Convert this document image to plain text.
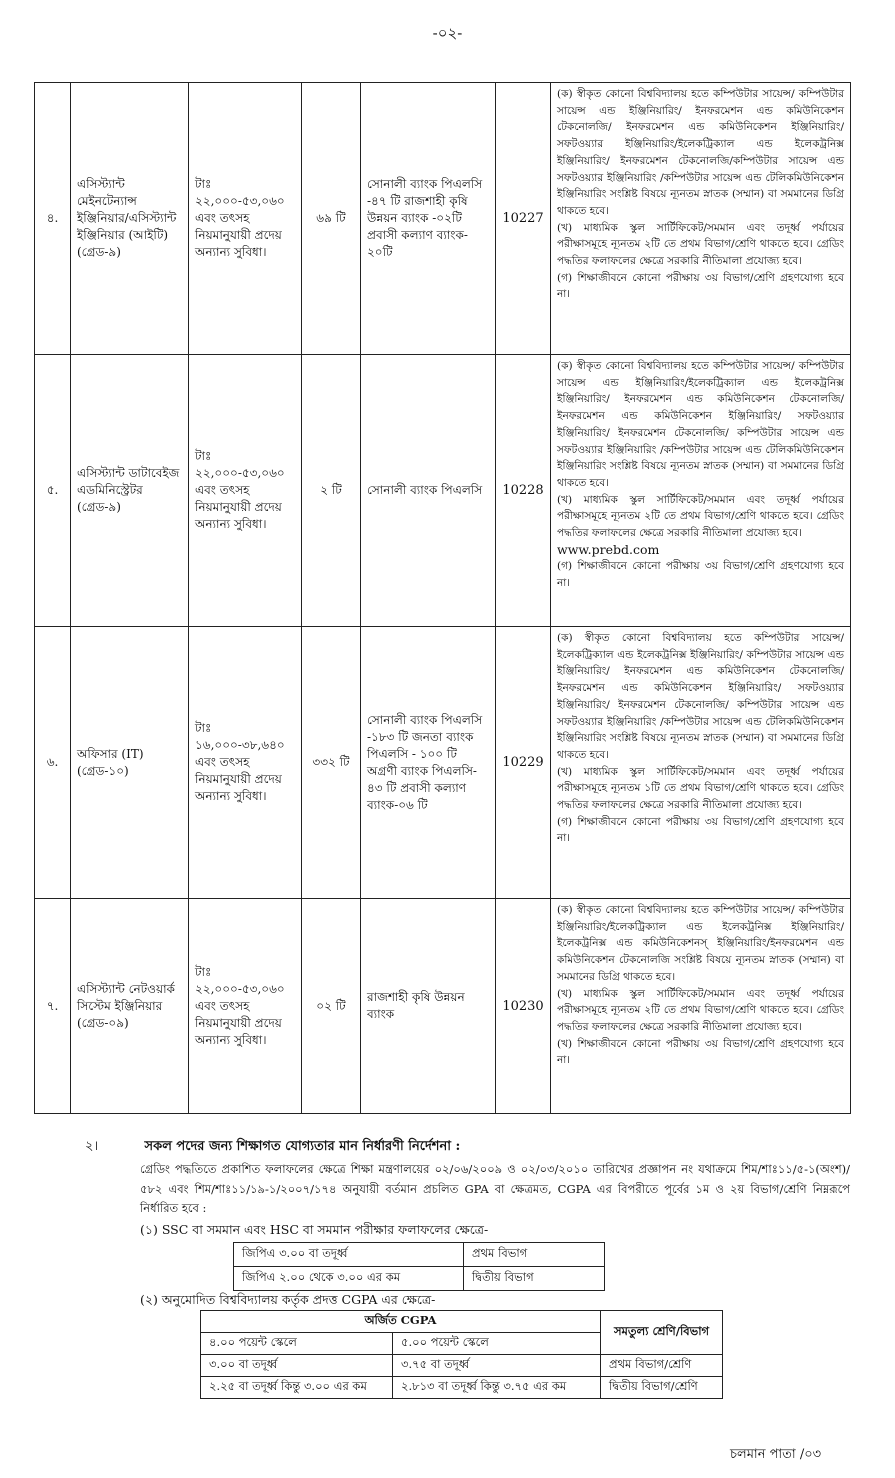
-০২-
৪.	এসিস্ট্যান্ট মেইনটেন্যান্স ইঞ্জিনিয়ার/এসিস্ট্যান্ট ইঞ্জিনিয়ার (আইটি) (গ্রেড-৯)	টাঃ ২২,০০০-৫৩,০৬০ এবং তৎসহ নিয়মানুযায়ী প্রদেয় অন্যান্য সুবিধা।	৬৯ টি	সোনালী ব্যাংক পিএলসি -৪৭ টি রাজশাহী কৃষি উন্নয়ন ব্যাংক -০২টি প্রবাসী কল্যাণ ব্যাংক- ২০টি	10227	(ক) স্বীকৃত কোনো বিশ্ববিদ্যালয় হতে কম্পিউটার সায়েন্স/ কম্পিউটার সায়েন্স এন্ড ইঞ্জিনিয়ারিং/ ইনফরমেশন এন্ড কমিউনিকেশন টেকনোলজি/ ইনফরমেশন এন্ড কমিউনিকেশন ইঞ্জিনিয়ারিং/ সফটওয়্যার ইঞ্জিনিয়ারিং/ইলেকট্রিক্যাল এন্ড ইলেকট্রনিক্স ইঞ্জিনিয়ারিং/ ইনফরমেশন টেকনোলজি/কম্পিউটার সায়েন্স এন্ড সফটওয়্যার ইঞ্জিনিয়ারিং /কম্পিউটার সায়েন্স এন্ড টেলিকমিউনিকেশন ইঞ্জিনিয়ারিং সংশ্লিষ্ট বিষয়ে ন্যূনতম স্নাতক (সম্মান) বা সমমানের ডিগ্রি থাকতে হবে।
(খ) মাধ্যমিক স্কুল সার্টিফিকেট/সমমান এবং তদূর্ধ্ব পর্যায়ের পরীক্ষাসমূহে ন্যূনতম ২টি তে প্রথম বিভাগ/শ্রেণি থাকতে হবে। গ্রেডিং পদ্ধতির ফলাফলের ক্ষেত্রে সরকারি নীতিমালা প্রযোজ্য হবে।
(গ) শিক্ষাজীবনে কোনো পরীক্ষায় ৩য় বিভাগ/শ্রেণি গ্রহণযোগ্য হবে না।

৫.	এসিস্ট্যান্ট ডাটাবেইজ এডমিনিস্ট্রেটর (গ্রেড-৯)	টাঃ ২২,০০০-৫৩,০৬০ এবং তৎসহ নিয়মানুযায়ী প্রদেয় অন্যান্য সুবিধা।	২ টি	সোনালী ব্যাংক পিএলসি	10228	(ক) স্বীকৃত কোনো বিশ্ববিদ্যালয় হতে কম্পিউটার সায়েন্স/ কম্পিউটার সায়েন্স এন্ড ইঞ্জিনিয়ারিং/ইলেকট্রিক্যাল এন্ড ইলেকট্রনিক্স ইঞ্জিনিয়ারিং/ ইনফরমেশন এন্ড কমিউনিকেশন টেকনোলজি/ ইনফরমেশন এন্ড কমিউনিকেশন ইঞ্জিনিয়ারিং/ সফটওয়্যার ইঞ্জিনিয়ারিং/ ইনফরমেশন টেকনোলজি/ কম্পিউটার সায়েন্স এন্ড সফটওয়্যার ইঞ্জিনিয়ারিং /কম্পিউটার সায়েন্স এন্ড টেলিকমিউনিকেশন ইঞ্জিনিয়ারিং সংশ্লিষ্ট বিষয়ে ন্যূনতম স্নাতক (সম্মান) বা সমমানের ডিগ্রি থাকতে হবে।
(খ) মাধ্যমিক স্কুল সার্টিফিকেট/সমমান এবং তদূর্ধ্ব পর্যায়ের পরীক্ষাসমূহে ন্যূনতম ২টি তে প্রথম বিভাগ/শ্রেণি থাকতে হবে। গ্রেডিং পদ্ধতির ফলাফলের ক্ষেত্রে সরকারি নীতিমালা প্রযোজ্য হবে।
www.prebd.com
(গ) শিক্ষাজীবনে কোনো পরীক্ষায় ৩য় বিভাগ/শ্রেণি গ্রহণযোগ্য হবে না।

৬.	অফিসার (IT) (গ্রেড-১০)	টাঃ ১৬,০০০-৩৮,৬৪০ এবং তৎসহ নিয়মানুযায়ী প্রদেয় অন্যান্য সুবিধা।	৩৩২ টি	সোনালী ব্যাংক পিএলসি -১৮৩ টি জনতা ব্যাংক পিএলসি - ১০০ টি অগ্রণী ব্যাংক পিএলসি- ৪৩ টি প্রবাসী কল্যাণ ব্যাংক-০৬ টি	10229	(ক) স্বীকৃত কোনো বিশ্ববিদ্যালয় হতে কম্পিউটার সায়েন্স/ইলেকট্রিক্যাল এন্ড ইলেকট্রনিক্স ইঞ্জিনিয়ারিং/ কম্পিউটার সায়েন্স এন্ড ইঞ্জিনিয়ারিং/ ইনফরমেশন এন্ড কমিউনিকেশন টেকনোলজি/ ইনফরমেশন এন্ড কমিউনিকেশন ইঞ্জিনিয়ারিং/ সফটওয়্যার ইঞ্জিনিয়ারিং/ ইনফরমেশন টেকনোলজি/ কম্পিউটার সায়েন্স এন্ড সফটওয়্যার ইঞ্জিনিয়ারিং /কম্পিউটার সায়েন্স এন্ড টেলিকমিউনিকেশন ইঞ্জিনিয়ারিং সংশ্লিষ্ট বিষয়ে ন্যূনতম স্নাতক (সম্মান) বা সমমানের ডিগ্রি থাকতে হবে।
(খ) মাধ্যমিক স্কুল সার্টিফিকেট/সমমান এবং তদূর্ধ্ব পর্যায়ের পরীক্ষাসমূহে ন্যূনতম ১টি তে প্রথম বিভাগ/শ্রেণি থাকতে হবে। গ্রেডিং পদ্ধতির ফলাফলের ক্ষেত্রে সরকারি নীতিমালা প্রযোজ্য হবে।
(গ) শিক্ষাজীবনে কোনো পরীক্ষায় ৩য় বিভাগ/শ্রেণি গ্রহণযোগ্য হবে না।

৭.	এসিস্ট্যান্ট নেটওয়ার্ক সিস্টেম ইঞ্জিনিয়ার (গ্রেড-০৯)	টাঃ ২২,০০০-৫৩,০৬০ এবং তৎসহ নিয়মানুযায়ী প্রদেয় অন্যান্য সুবিধা।	০২ টি	রাজশাহী কৃষি উন্নয়ন ব্যাংক	10230	(ক) স্বীকৃত কোনো বিশ্ববিদ্যালয় হতে কম্পিউটার সায়েন্স/ কম্পিউটার ইঞ্জিনিয়ারিং/ইলেকট্রিক্যাল এন্ড ইলেকট্রনিক্স ইঞ্জিনিয়ারিং/ ইলেকট্রনিক্স এন্ড কমিউনিকেশনস্ ইঞ্জিনিয়ারিং/ইনফরমেশন এন্ড কমিউনিকেশন টেকনোলজি সংশ্লিষ্ট বিষয়ে ন্যূনতম স্নাতক (সম্মান) বা সমমানের ডিগ্রি থাকতে হবে।
(খ) মাধ্যমিক স্কুল সার্টিফিকেট/সমমান এবং তদূর্ধ্ব পর্যায়ের পরীক্ষাসমূহে ন্যূনতম ২টি তে প্রথম বিভাগ/শ্রেণি থাকতে হবে। গ্রেডিং পদ্ধতির ফলাফলের ক্ষেত্রে সরকারি নীতিমালা প্রযোজ্য হবে।
(খ) শিক্ষাজীবনে কোনো পরীক্ষায় ৩য় বিভাগ/শ্রেণি গ্রহণযোগ্য হবে না।
২।	সকল পদের জন্য শিক্ষাগত যোগ্যতার মান নির্ধারণী নির্দেশনা :
গ্রেডিং পদ্ধতিতে প্রকাশিত ফলাফলের ক্ষেত্রে শিক্ষা মন্ত্রণালয়ের ০২/০৬/২০০৯ ও ০২/০৩/২০১০ তারিখের প্রজ্ঞাপন নং যথাক্রমে শিম/শাঃ১১/৫-১(অংশ)/৫৮২ এবং শিম/শাঃ১১/১৯-১/২০০৭/১৭৪ অনুযায়ী বর্তমান প্রচলিত GPA বা ক্ষেত্রমত, CGPA এর বিপরীতে পূর্বের ১ম ও ২য় বিভাগ/শ্রেণি নিম্নরূপে নির্ধারিত হবে :
(১) SSC বা সমমান এবং HSC বা সমমান পরীক্ষার ফলাফলের ক্ষেত্রে-
জিপিএ ৩.০০ বা তদূর্ধ্ব	প্রথম বিভাগ
জিপিএ ২.০০ থেকে ৩.০০ এর কম	দ্বিতীয় বিভাগ
(২) অনুমোদিত বিশ্ববিদ্যালয় কর্তৃক প্রদত্ত CGPA এর ক্ষেত্রে-
অর্জিত CGPA		সমতুল্য শ্রেণি/বিভাগ
৪.০০ পয়েন্ট স্কেলে	৫.০০ পয়েন্ট স্কেলে	
৩.০০ বা তদূর্ধ্ব	৩.৭৫ বা তদূর্ধ্ব	প্রথম বিভাগ/শ্রেণি
২.২৫ বা তদূর্ধ্ব কিন্তু ৩.০০ এর কম	২.৮১৩ বা তদূর্ধ্ব কিন্তু ৩.৭৫ এর কম	দ্বিতীয় বিভাগ/শ্রেণি
চলমান পাতা /০৩
